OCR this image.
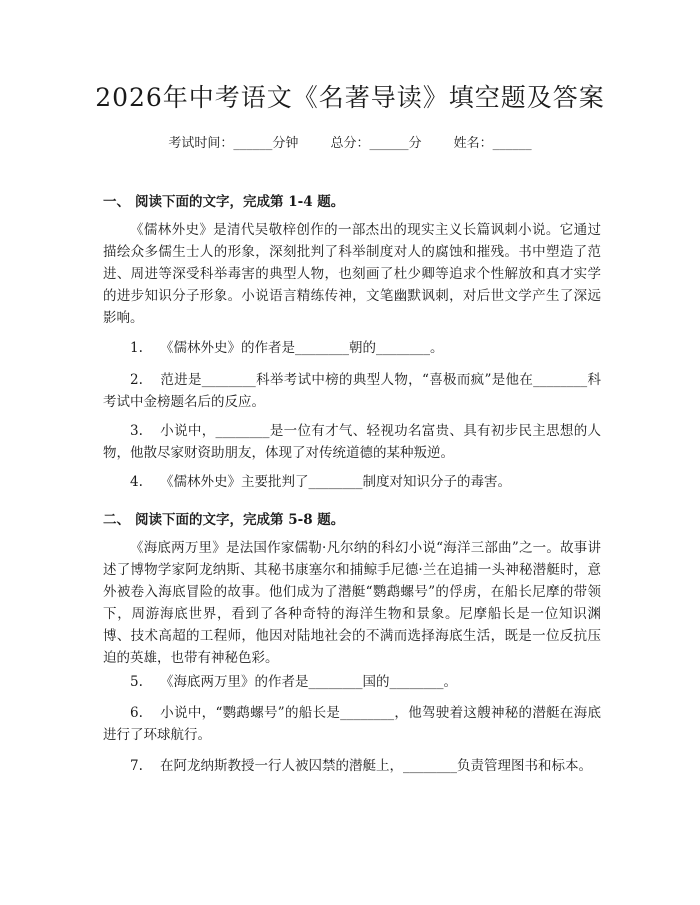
2026年中考语文《名著导读》填空题及答案
考试时间：______分钟 总分：______分 姓名：______
一、 阅读下面的文字，完成第 1-4 题。
《儒林外史》是清代吴敬梓创作的一部杰出的现实主义长篇讽刺小说。它通过描绘众多儒生士人的形象，深刻批判了科举制度对人的腐蚀和摧残。书中塑造了范进、周进等深受科举毒害的典型人物，也刻画了杜少卿等追求个性解放和真才实学的进步知识分子形象。小说语言精练传神，文笔幽默讽刺，对后世文学产生了深远影响。
1. 《儒林外史》的作者是________朝的________。
2. 范进是________科举考试中榜的典型人物，“喜极而疯”是他在________科考试中金榜题名后的反应。
3. 小说中，________是一位有才气、轻视功名富贵、具有初步民主思想的人物，他散尽家财资助朋友，体现了对传统道德的某种叛逆。
4. 《儒林外史》主要批判了________制度对知识分子的毒害。
二、 阅读下面的文字，完成第 5-8 题。
《海底两万里》是法国作家儒勒·凡尔纳的科幻小说“海洋三部曲”之一。故事讲述了博物学家阿龙纳斯、其秘书康塞尔和捕鲸手尼德·兰在追捕一头神秘潜艇时，意外被卷入海底冒险的故事。他们成为了潜艇“鹦鹉螺号”的俘虏，在船长尼摩的带领下，周游海底世界，看到了各种奇特的海洋生物和景象。尼摩船长是一位知识渊博、技术高超的工程师，他因对陆地社会的不满而选择海底生活，既是一位反抗压迫的英雄，也带有神秘色彩。
5. 《海底两万里》的作者是________国的________。
6. 小说中，“鹦鹉螺号”的船长是________，他驾驶着这艘神秘的潜艇在海底进行了环球航行。
7. 在阿龙纳斯教授一行人被囚禁的潜艇上，________负责管理图书和标本。
